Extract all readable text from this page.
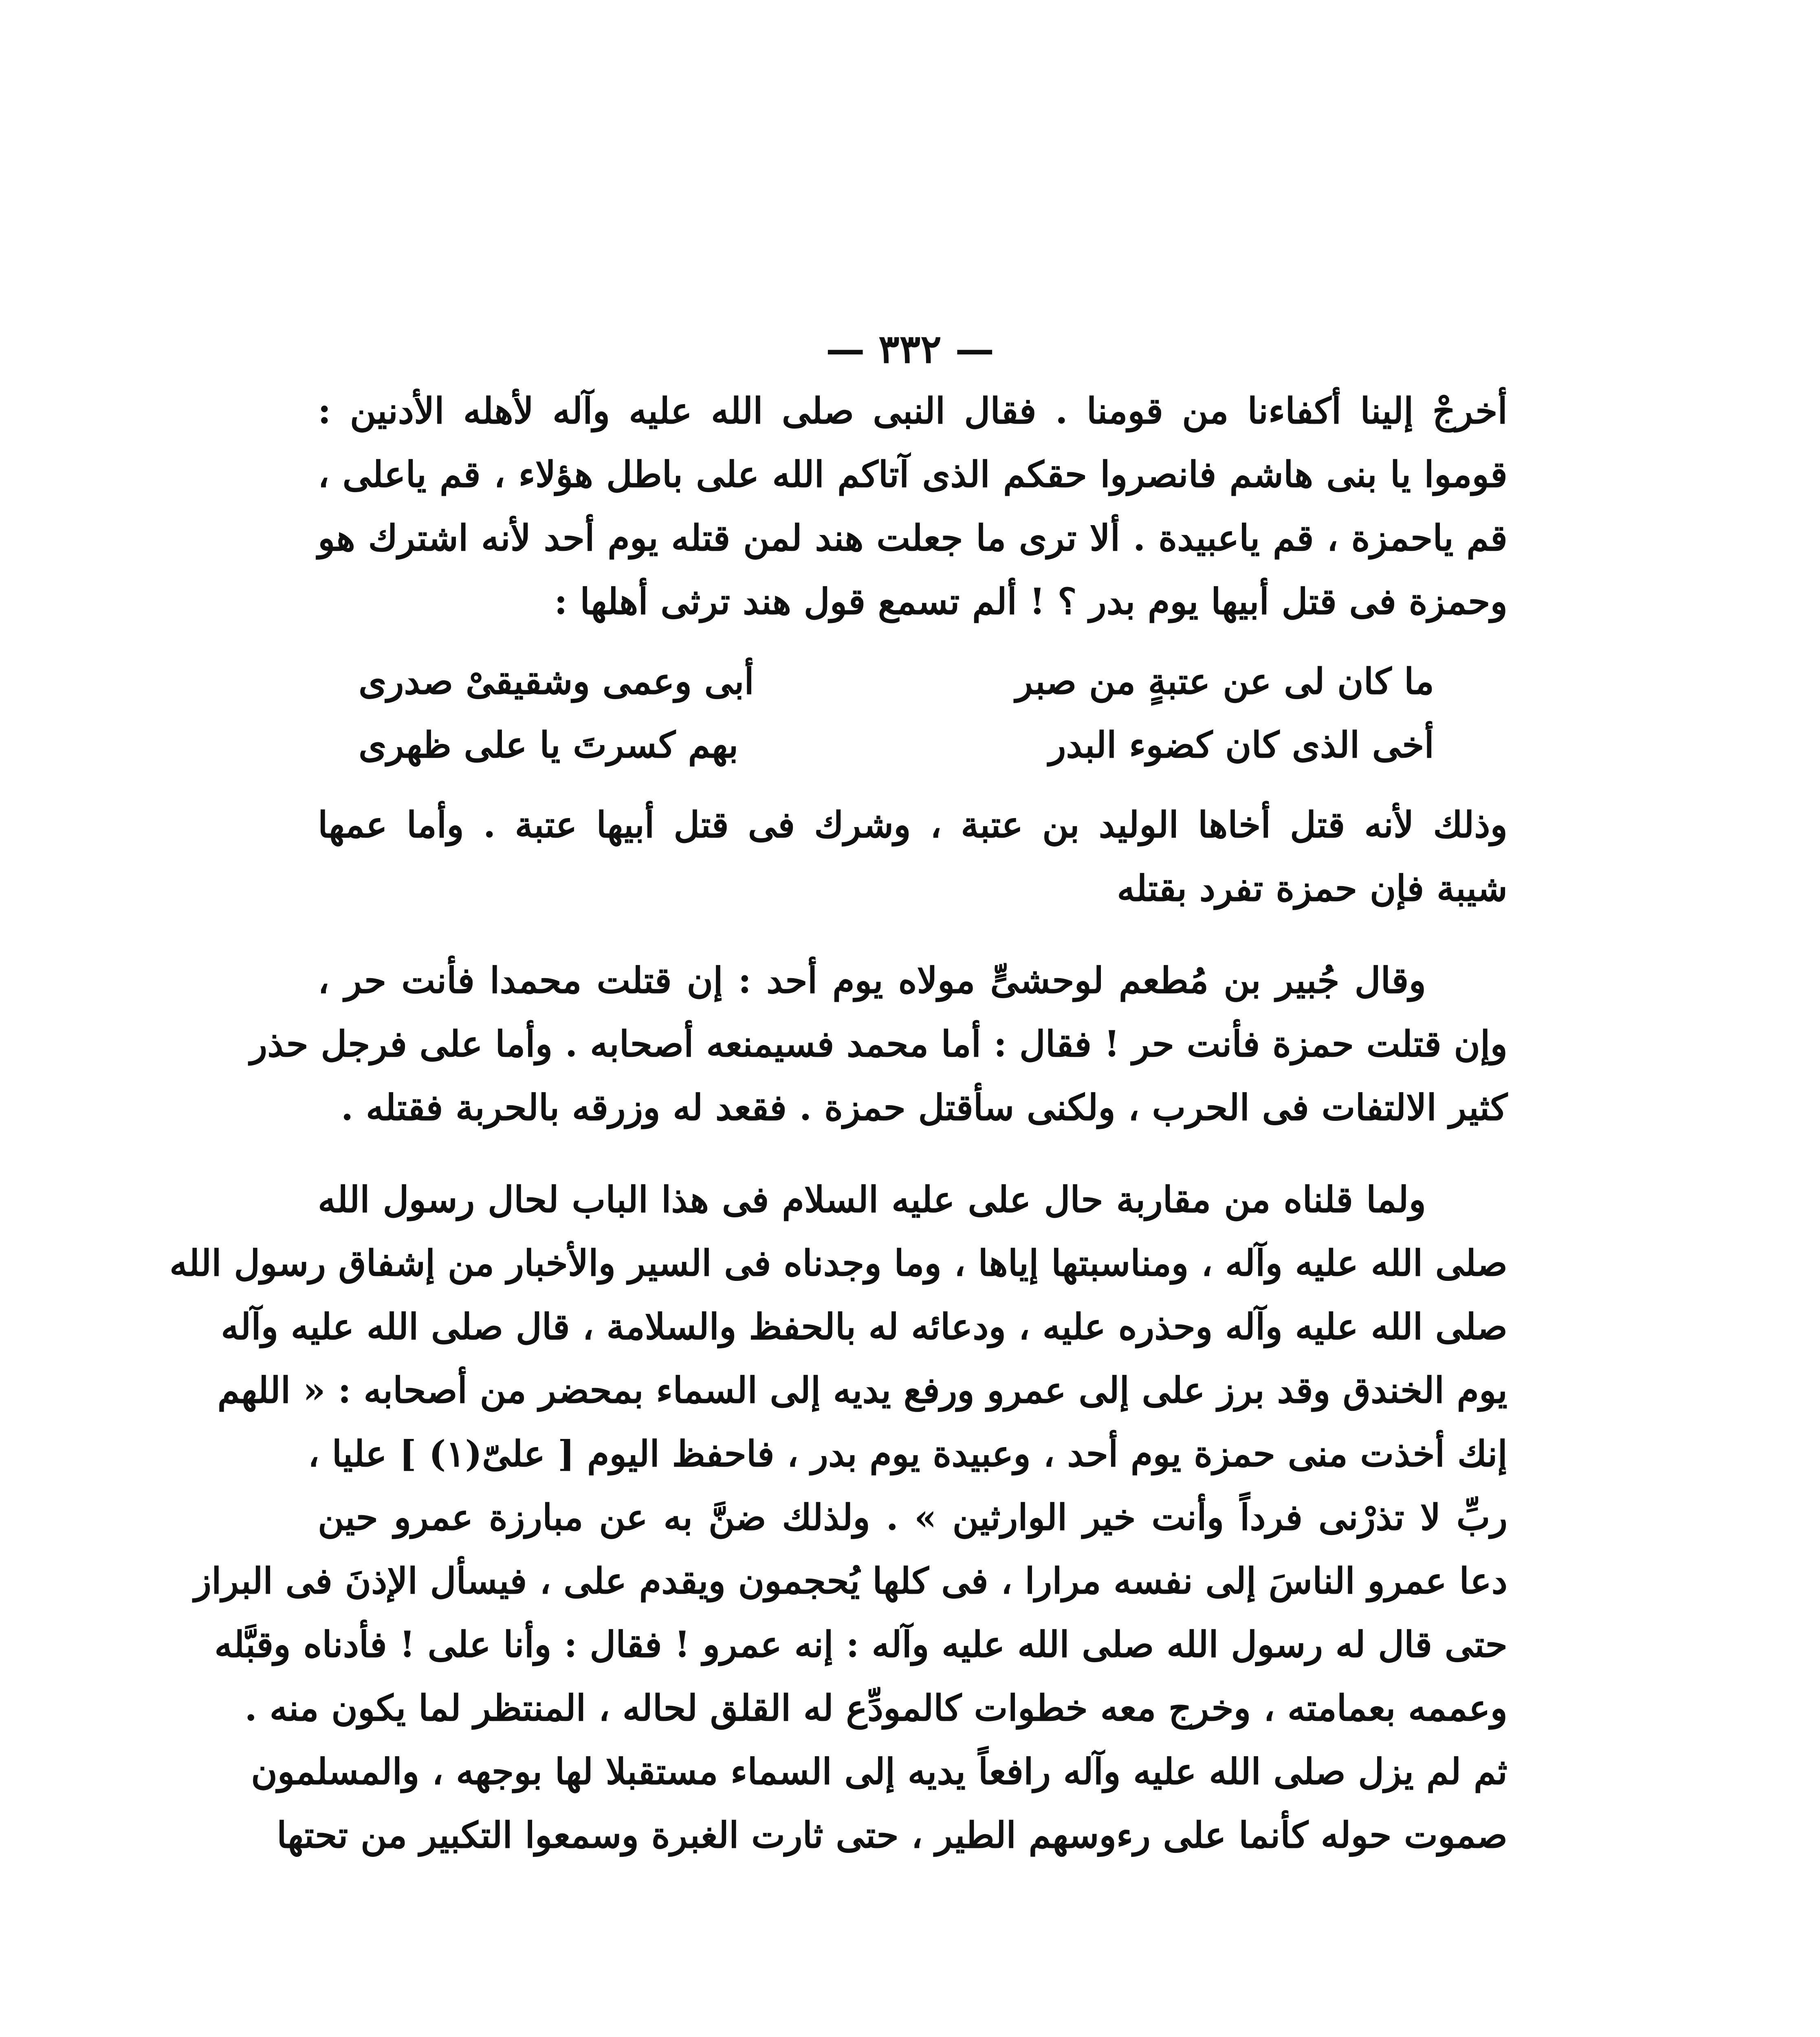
— ٣٣٢ —
أخرجْ إلينا أكفاءنا من قومنا . فقال النبى صلى الله عليه وآله لأهله الأدنين :
قوموا يا بنى هاشم فانصروا حقكم الذى آتاكم الله على باطل هؤلاء ، قم ياعلى ،
قم ياحمزة ، قم ياعبيدة . ألا ترى ما جعلت هند لمن قتله يوم أحد لأنه اشترك هو
وحمزة فى قتل أبيها يوم بدر ؟ ! ألم تسمع قول هند ترثى أهلها :
ما كان لى عن عتبةٍ من صبر
أبى وعمى وشقيقىْ صدرى
أخى الذى كان كضوء البدر
بهم كسرتَ يا على ظهرى
وذلك لأنه قتل أخاها الوليد بن عتبة ، وشرك فى قتل أبيها عتبة . وأما عمها
شيبة فإن حمزة تفرد بقتله
وقال جُبير بن مُطعم لوحشىٍّ مولاه يوم أحد : إن قتلت محمدا فأنت حر ،
وإن قتلت حمزة فأنت حر ! فقال : أما محمد فسيمنعه أصحابه . وأما على فرجل حذر
كثير الالتفات فى الحرب ، ولكنى سأقتل حمزة . فقعد له وزرقه بالحربة فقتله .
ولما قلناه من مقاربة حال على عليه السلام فى هذا الباب لحال رسول الله
صلى الله عليه وآله ، ومناسبتها إياها ، وما وجدناه فى السير والأخبار من إشفاق رسول الله
صلى الله عليه وآله وحذره عليه ، ودعائه له بالحفظ والسلامة ، قال صلى الله عليه وآله
يوم الخندق وقد برز على إلى عمرو ورفع يديه إلى السماء بمحضر من أصحابه : « اللهم
إنك أخذت منى حمزة يوم أحد ، وعبيدة يوم بدر ، فاحفظ اليوم [ علىّ(١) ] عليا ،
ربِّ لا تذرْنى فرداً وأنت خير الوارثين » . ولذلك ضنَّ به عن مبارزة عمرو حين
دعا عمرو الناسَ إلى نفسه مرارا ، فى كلها يُحجمون ويقدم على ، فيسأل الإذنَ فى البراز
حتى قال له رسول الله صلى الله عليه وآله : إنه عمرو ! فقال : وأنا على ! فأدناه وقبَّله
وعممه بعمامته ، وخرج معه خطوات كالمودِّع له القلق لحاله ، المنتظر لما يكون منه .
ثم لم يزل صلى الله عليه وآله رافعاً يديه إلى السماء مستقبلا لها بوجهه ، والمسلمون
صموت حوله كأنما على رءوسهم الطير ، حتى ثارت الغبرة وسمعوا التكبير من تحتها
